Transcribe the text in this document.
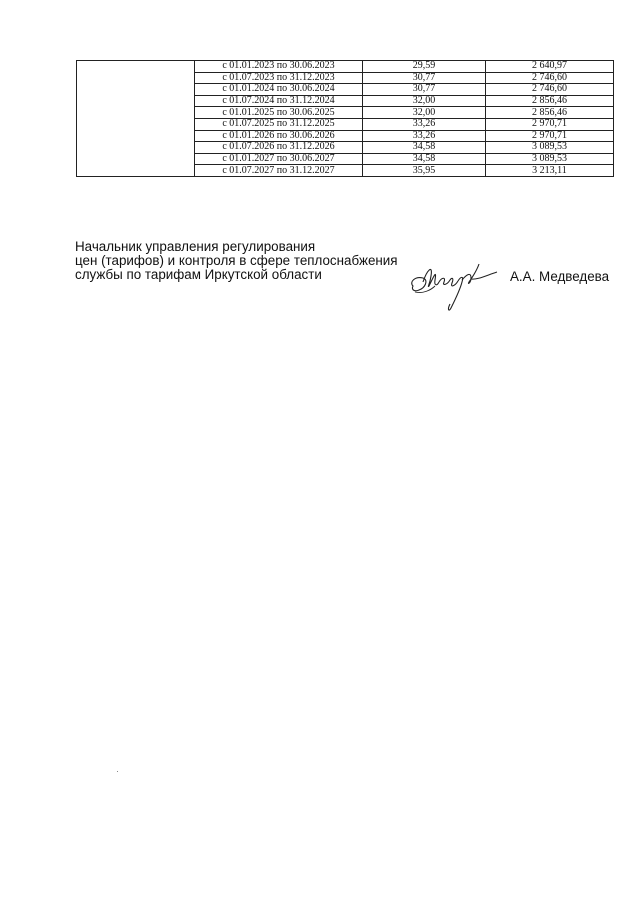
	с 01.01.2023 по 30.06.2023	29,59	2 640,97
	с 01.07.2023 по 31.12.2023	30,77	2 746,60
	с 01.01.2024 по 30.06.2024	30,77	2 746,60
	с 01.07.2024 по 31.12.2024	32,00	2 856,46
	с 01.01.2025 по 30.06.2025	32,00	2 856,46
	с 01.07.2025 по 31.12.2025	33,26	2 970,71
	с 01.01.2026 по 30.06.2026	33,26	2 970,71
	с 01.07.2026 по 31.12.2026	34,58	3 089,53
	с 01.01.2027 по 30.06.2027	34,58	3 089,53
	с 01.07.2027 по 31.12.2027	35,95	3 213,11
Начальник управления регулирования
цен (тарифов) и контроля в сфере теплоснабжения
службы по тарифам Иркутской области	А.А. Медведева
